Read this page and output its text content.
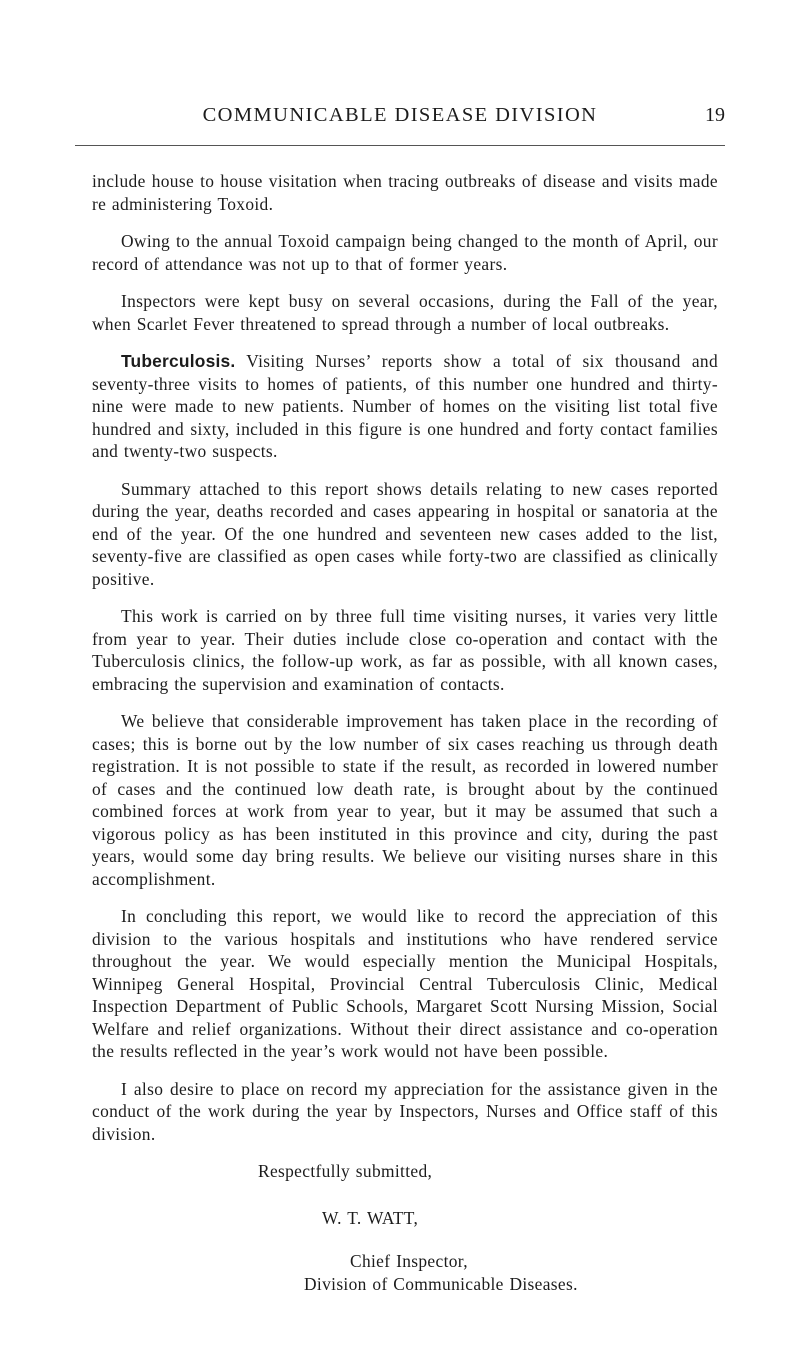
COMMUNICABLE DISEASE DIVISION	19

include house to house visitation when tracing outbreaks of disease and visits made re administering Toxoid.

Owing to the annual Toxoid campaign being changed to the month of April, our record of attendance was not up to that of former years.

Inspectors were kept busy on several occasions, during the Fall of the year, when Scarlet Fever threatened to spread through a number of local outbreaks.

Tuberculosis. Visiting Nurses’ reports show a total of six thousand and seventy-three visits to homes of patients, of this number one hundred and thirty-nine were made to new patients. Number of homes on the visiting list total five hundred and sixty, included in this figure is one hundred and forty contact families and twenty-two suspects.

Summary attached to this report shows details relating to new cases reported during the year, deaths recorded and cases appearing in hospital or sanatoria at the end of the year. Of the one hundred and seventeen new cases added to the list, seventy-five are classified as open cases while forty-two are classified as clinically positive.

This work is carried on by three full time visiting nurses, it varies very little from year to year. Their duties include close co-operation and contact with the Tuberculosis clinics, the follow-up work, as far as possible, with all known cases, embracing the supervision and examination of contacts.

We believe that considerable improvement has taken place in the recording of cases; this is borne out by the low number of six cases reaching us through death registration. It is not possible to state if the result, as recorded in lowered number of cases and the continued low death rate, is brought about by the continued combined forces at work from year to year, but it may be assumed that such a vigorous policy as has been instituted in this province and city, during the past years, would some day bring results. We believe our visiting nurses share in this accomplishment.

In concluding this report, we would like to record the appreciation of this division to the various hospitals and institutions who have rendered service throughout the year. We would especially mention the Municipal Hospitals, Winnipeg General Hospital, Provincial Central Tuberculosis Clinic, Medical Inspection Department of Public Schools, Margaret Scott Nursing Mission, Social Welfare and relief organizations. Without their direct assistance and co-operation the results reflected in the year’s work would not have been possible.

I also desire to place on record my appreciation for the assistance given in the conduct of the work during the year by Inspectors, Nurses and Office staff of this division.

Respectfully submitted,

W. T. WATT,

Chief Inspector,

Division of Communicable Diseases.
